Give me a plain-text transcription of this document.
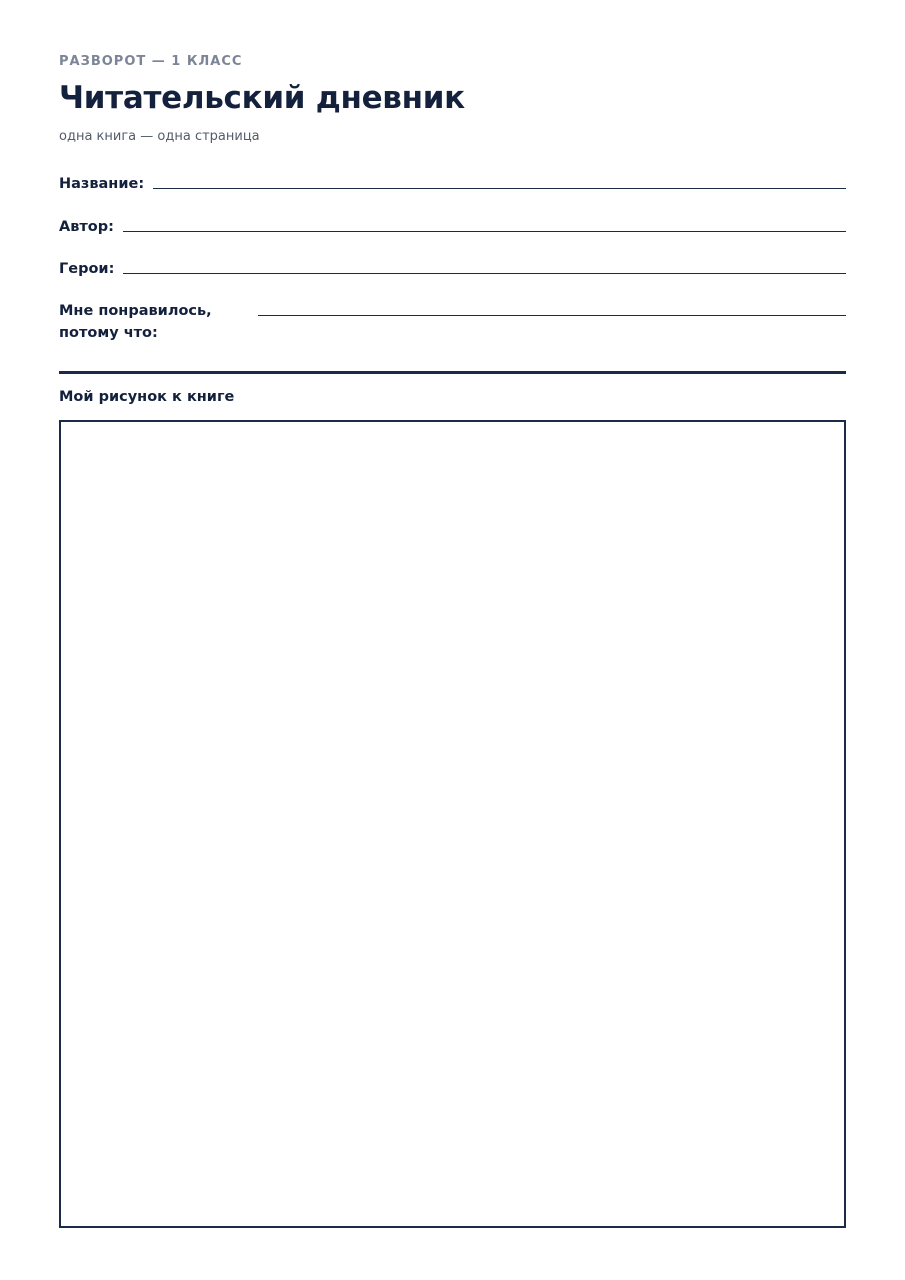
РАЗВОРОТ — 1 КЛАСС
Читательский дневник
одна книга — одна страница
Название:
Автор:
Герои:
Мне понравилось,
потому что:
Мой рисунок к книге
